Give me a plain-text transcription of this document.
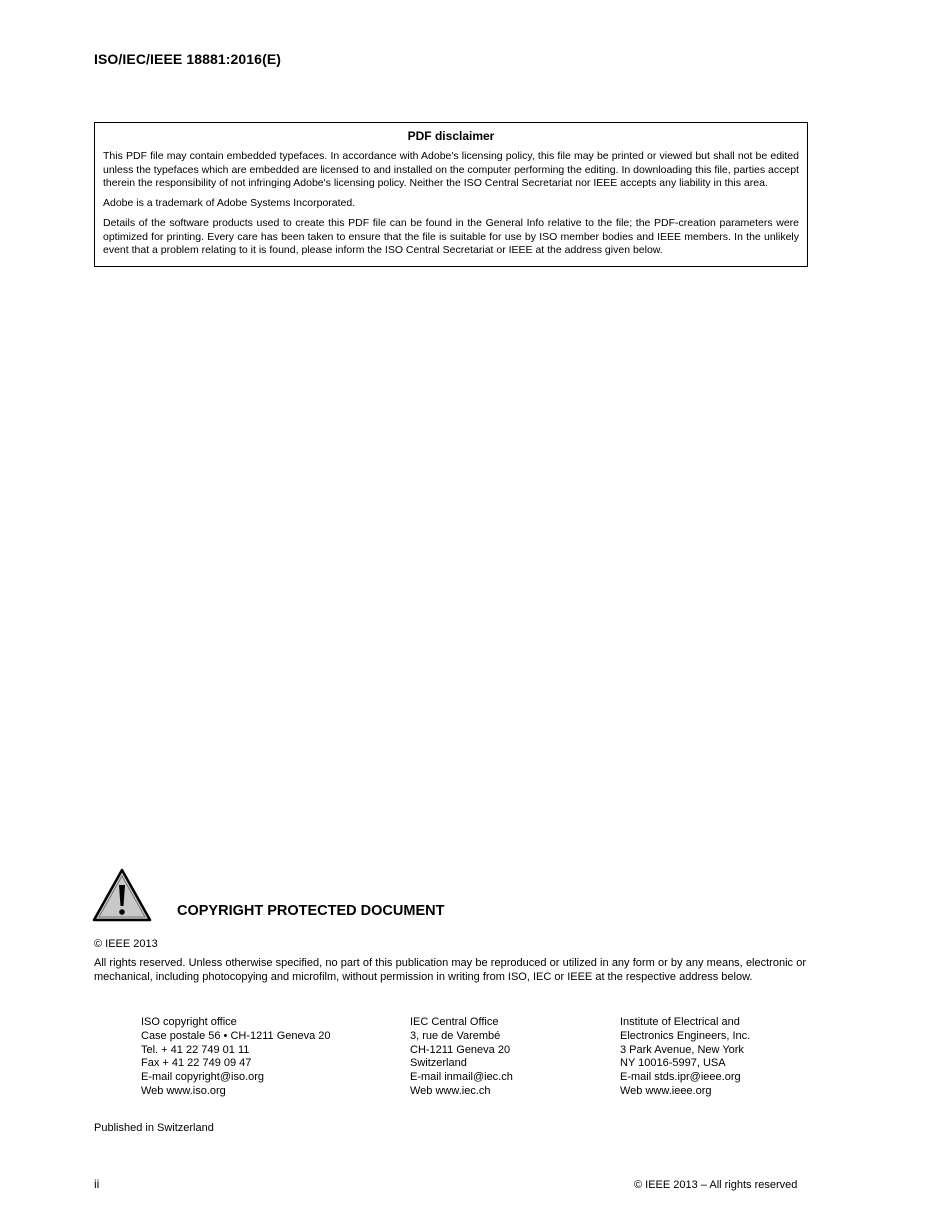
ISO/IEC/IEEE 18881:2016(E)
PDF disclaimer

This PDF file may contain embedded typefaces. In accordance with Adobe's licensing policy, this file may be printed or viewed but shall not be edited unless the typefaces which are embedded are licensed to and installed on the computer performing the editing. In downloading this file, parties accept therein the responsibility of not infringing Adobe's licensing policy. Neither the ISO Central Secretariat nor IEEE accepts any liability in this area.

Adobe is a trademark of Adobe Systems Incorporated.

Details of the software products used to create this PDF file can be found in the General Info relative to the file; the PDF-creation parameters were optimized for printing. Every care has been taken to ensure that the file is suitable for use by ISO member bodies and IEEE members. In the unlikely event that a problem relating to it is found, please inform the ISO Central Secretariat or IEEE at the address given below.

COPYRIGHT PROTECTED DOCUMENT
© IEEE 2013

All rights reserved. Unless otherwise specified, no part of this publication may be reproduced or utilized in any form or by any means, electronic or mechanical, including photocopying and microfilm, without permission in writing from ISO, IEC or IEEE at the respective address below.

ISO copyright office
Case postale 56 • CH-1211 Geneva 20
Tel. + 41 22 749 01 11
Fax + 41 22 749 09 47
E-mail copyright@iso.org
Web www.iso.org
IEC Central Office
3, rue de Varembé
CH-1211 Geneva 20
Switzerland
E-mail inmail@iec.ch
Web www.iec.ch
Institute of Electrical and
Electronics Engineers, Inc.
3 Park Avenue, New York
NY 10016-5997, USA
E-mail stds.ipr@ieee.org
Web www.ieee.org
Published in Switzerland
ii	© IEEE 2013 – All rights reserved
